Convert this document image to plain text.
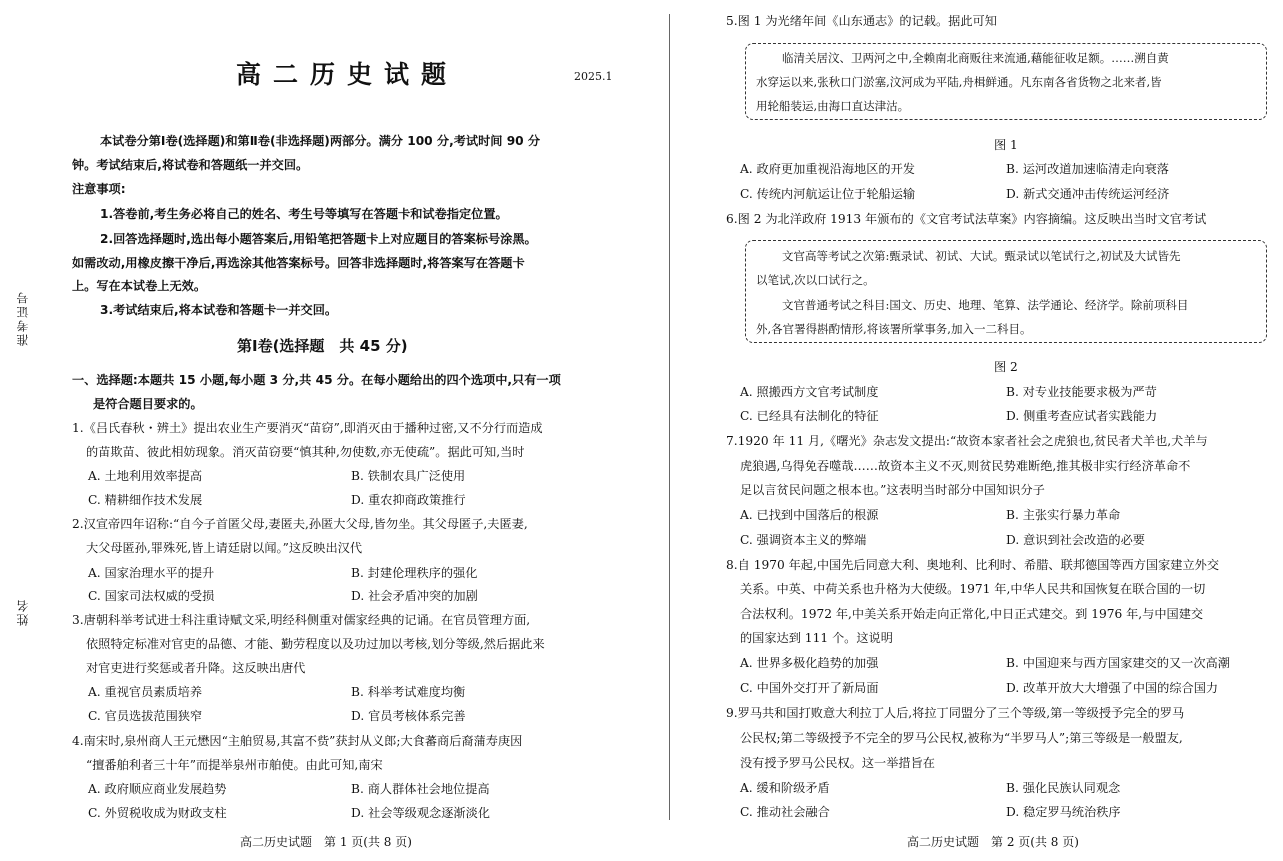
准考证号
姓名
高二历史试题	2025.1
本试卷分第Ⅰ卷(选择题)和第Ⅱ卷(非选择题)两部分。满分 100 分,考试时间 90 分
钟。考试结束后,将试卷和答题纸一并交回。
注意事项:
1.答卷前,考生务必将自己的姓名、考生号等填写在答题卡和试卷指定位置。
2.回答选择题时,选出每小题答案后,用铅笔把答题卡上对应题目的答案标号涂黑。
如需改动,用橡皮擦干净后,再选涂其他答案标号。回答非选择题时,将答案写在答题卡
上。写在本试卷上无效。
3.考试结束后,将本试卷和答题卡一并交回。
第Ⅰ卷(选择题　共 45 分)
一、选择题:本题共 15 小题,每小题 3 分,共 45 分。在每小题给出的四个选项中,只有一项
是符合题目要求的。
1.《吕氏春秋・辨土》提出农业生产要消灭“苗窃”,即消灭由于播种过密,又不分行而造成
的苗欺苗、彼此相妨现象。消灭苗窃要“慎其种,勿使数,亦无使疏”。据此可知,当时
A. 土地利用效率提高	B. 铁制农具广泛使用
C. 精耕细作技术发展	D. 重农抑商政策推行
2.汉宣帝四年诏称:“自今子首匿父母,妻匿夫,孙匿大父母,皆勿坐。其父母匿子,夫匿妻,
大父母匿孙,罪殊死,皆上请廷尉以闻。”这反映出汉代
A. 国家治理水平的提升	B. 封建伦理秩序的强化
C. 国家司法权威的受损	D. 社会矛盾冲突的加剧
3.唐朝科举考试进士科注重诗赋文采,明经科侧重对儒家经典的记诵。在官员管理方面,
依照特定标准对官吏的品德、才能、勤劳程度以及功过加以考核,划分等级,然后据此来
对官吏进行奖惩或者升降。这反映出唐代
A. 重视官员素质培养	B. 科举考试难度均衡
C. 官员选拔范围狭窄	D. 官员考核体系完善
4.南宋时,泉州商人王元懋因“主舶贸易,其富不赀”获封从义郎;大食蕃商后裔蒲寿庚因
“擅番舶利者三十年”而提举泉州市舶使。由此可知,南宋
A. 政府顺应商业发展趋势	B. 商人群体社会地位提高
C. 外贸税收成为财政支柱	D. 社会等级观念逐渐淡化
高二历史试题　第 1 页(共 8 页)
5.图 1 为光绪年间《山东通志》的记载。据此可知
临清关居汶、卫两河之中,全赖南北商贩往来流通,藉能征收足额。……溯自黄
水穿运以来,张秋口门淤塞,汶河成为平陆,舟楫鲜通。凡东南各省货物之北来者,皆
用轮船装运,由海口直达津沽。
图 1
A. 政府更加重视沿海地区的开发	B. 运河改道加速临清走向衰落
C. 传统内河航运让位于轮船运输	D. 新式交通冲击传统运河经济
6.图 2 为北洋政府 1913 年颁布的《文官考试法草案》内容摘编。这反映出当时文官考试
文官高等考试之次第:甄录试、初试、大试。甄录试以笔试行之,初试及大试皆先
以笔试,次以口试行之。
文官普通考试之科目:国文、历史、地理、笔算、法学通论、经济学。除前项科目
外,各官署得斟酌情形,将该署所掌事务,加入一二科目。
图 2
A. 照搬西方文官考试制度	B. 对专业技能要求极为严苛
C. 已经具有法制化的特征	D. 侧重考查应试者实践能力
7.1920 年 11 月,《曙光》杂志发文提出:“故资本家者社会之虎狼也,贫民者犬羊也,犬羊与
虎狼遇,乌得免吞噬哉……故资本主义不灭,则贫民势难断绝,推其极非实行经济革命不
足以言贫民问题之根本也。”这表明当时部分中国知识分子
A. 已找到中国落后的根源	B. 主张实行暴力革命
C. 强调资本主义的弊端	D. 意识到社会改造的必要
8.自 1970 年起,中国先后同意大利、奥地利、比利时、希腊、联邦德国等西方国家建立外交
关系。中英、中荷关系也升格为大使级。1971 年,中华人民共和国恢复在联合国的一切
合法权利。1972 年,中美关系开始走向正常化,中日正式建交。到 1976 年,与中国建交
的国家达到 111 个。这说明
A. 世界多极化趋势的加强	B. 中国迎来与西方国家建交的又一次高潮
C. 中国外交打开了新局面	D. 改革开放大大增强了中国的综合国力
9.罗马共和国打败意大利拉丁人后,将拉丁同盟分了三个等级,第一等级授予完全的罗马
公民权;第二等级授予不完全的罗马公民权,被称为“半罗马人”;第三等级是一般盟友,
没有授予罗马公民权。这一举措旨在
A. 缓和阶级矛盾	B. 强化民族认同观念
C. 推动社会融合	D. 稳定罗马统治秩序
高二历史试题　第 2 页(共 8 页)
